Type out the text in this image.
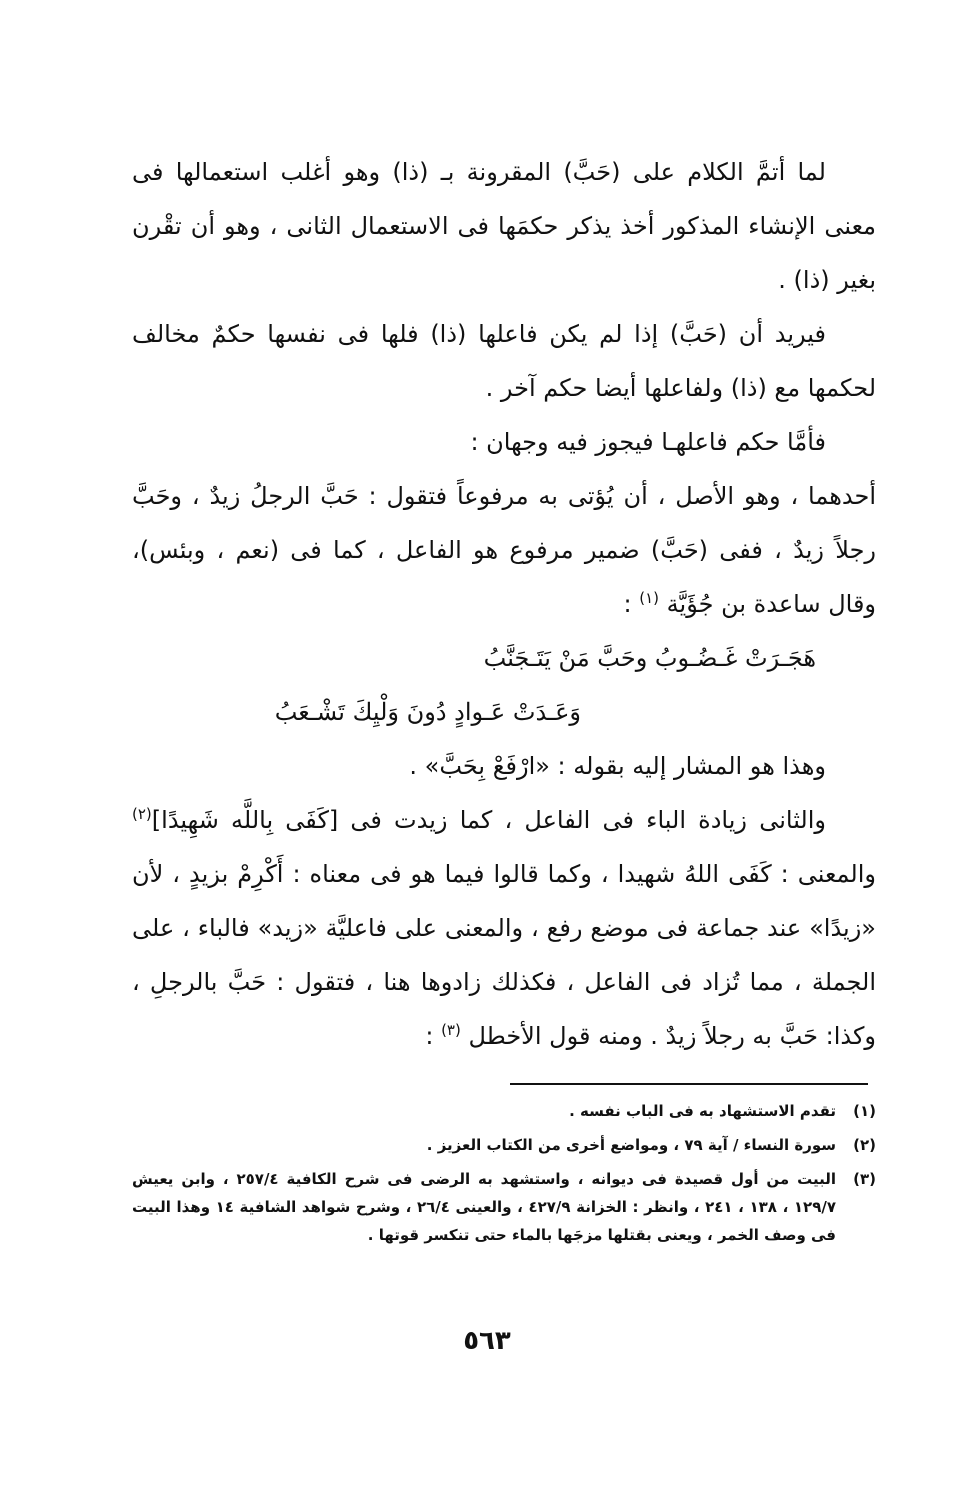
لما أتمَّ الكلام على (حَبَّ) المقرونة بـ (ذا) وهو أغلب استعمالها فى معنى الإنشاء المذكور أخذ يذكر حكمَها فى الاستعمال الثانى ، وهو أن تقْرن بغير (ذا) .

فيريد أن (حَبَّ) إذا لم يكن فاعلها (ذا) فلها فى نفسها حكمٌ مخالف لحكمها مع (ذا) ولفاعلها أيضا حكم آخر .

فأمَّا حكم فاعلهـا فيجوز فيه وجهان :

أحدهما ، وهو الأصل ، أن يُؤتى به مرفوعاً فتقول : حَبَّ الرجلُ زيدٌ ، وحَبَّ رجلاً زيدٌ ، ففى (حَبَّ) ضمير مرفوع هو الفاعل ، كما فى (نعم ، وبئس)، وقال ساعدة بن جُؤَيَّة $^{(١)}$ :

هَجَـرَتْ غَـضُـوبُ وحَبَّ مَنْ يَتَـجَنَّبُ

وَعَـدَتْ عَـوادٍ دُونَ وَلْيِكَ تَشْـعَبُ

وهذا هو المشار إليه بقوله : «ارْفَعْ بِحَبَّ» .

والثانى زيادة الباء فى الفاعل ، كما زيدت فى [كَفَى بِاللَّه شَهِيدًا]$^{(٢)}$ والمعنى : كَفَى اللهُ شهيدا ، وكما قالوا فيما هو فى معناه : أَكْرِمْ بزيدٍ ، لأن «زيدًا» عند جماعة فى موضع رفع ، والمعنى على فاعليَّة «زيد» فالباء ، على الجملة ، مما تُزاد فى الفاعل ، فكذلك زادوها هنا ، فتقول : حَبَّ بالرجلِ ، وكذا: حَبَّ به رجلاً زيدٌ . ومنه قول الأخطل $^{(٣)}$ :

(١)
تقدم الاستشهاد به فى الباب نفسه .
(٢)
سورة النساء / آية ٧٩ ، ومواضع أخرى من الكتاب العزيز .
(٣)
البيت من أول قصيدة فى ديوانه ، واستشهد به الرضى فى شرح الكافية ٢٥٧/٤ ، وابن يعيش ١٢٩/٧ ، ١٣٨ ، ٢٤١ ، وانظر : الخزانة ٤٢٧/٩ ، والعينى ٢٦/٤ ، وشرح شواهد الشافية ١٤ وهذا البيت فى وصف الخمر ، ويعنى بقتلها مزجَها بالماء حتى تنكسر قوتها .
٥٦٣
